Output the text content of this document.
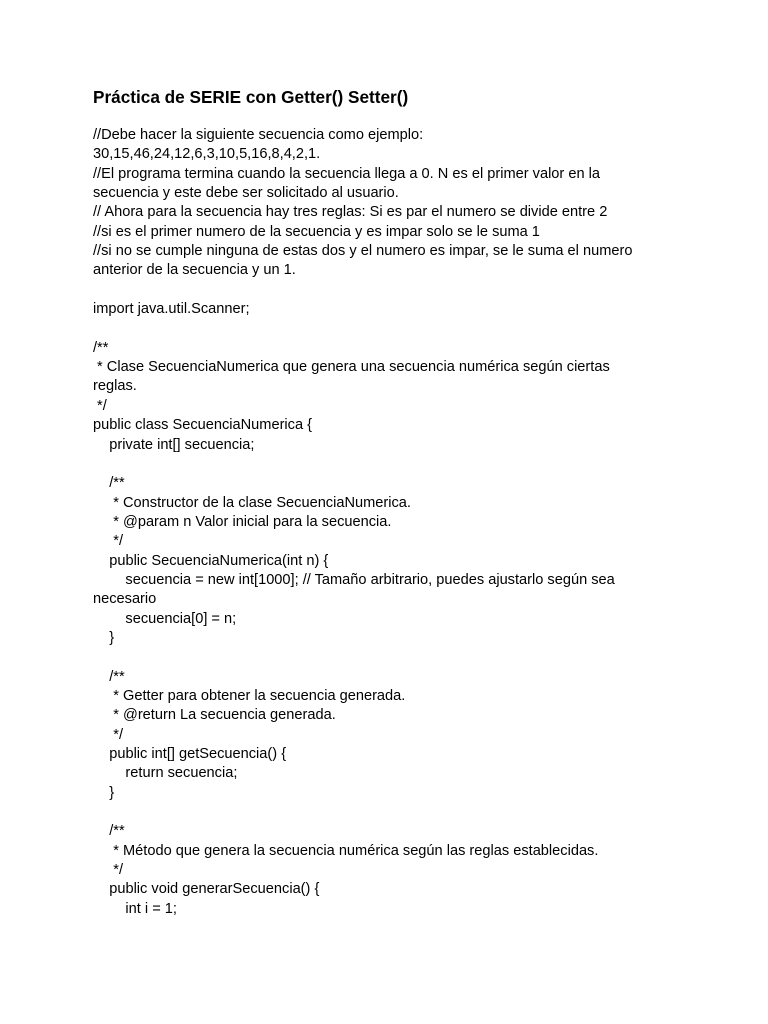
Práctica de SERIE con Getter() Setter()
//Debe hacer la siguiente secuencia como ejemplo:
30,15,46,24,12,6,3,10,5,16,8,4,2,1.
//El programa termina cuando la secuencia llega a 0. N es el primer valor en la
secuencia y este debe ser solicitado al usuario.
// Ahora para la secuencia hay tres reglas: Si es par el numero se divide entre 2
//si es el primer numero de la secuencia y es impar solo se le suma 1
//si no se cumple ninguna de estas dos y el numero es impar, se le suma el numero
anterior de la secuencia y un 1.
import java.util.Scanner;
/**
* Clase SecuenciaNumerica que genera una secuencia numérica según ciertas
reglas.
*/
public class SecuenciaNumerica {
private int[] secuencia;
/**
* Constructor de la clase SecuenciaNumerica.
* @param n Valor inicial para la secuencia.
*/
public SecuenciaNumerica(int n) {
secuencia = new int[1000]; // Tamaño arbitrario, puedes ajustarlo según sea
necesario
secuencia[0] = n;
}
/**
* Getter para obtener la secuencia generada.
* @return La secuencia generada.
*/
public int[] getSecuencia() {
return secuencia;
}
/**
* Método que genera la secuencia numérica según las reglas establecidas.
*/
public void generarSecuencia() {
int i = 1;
